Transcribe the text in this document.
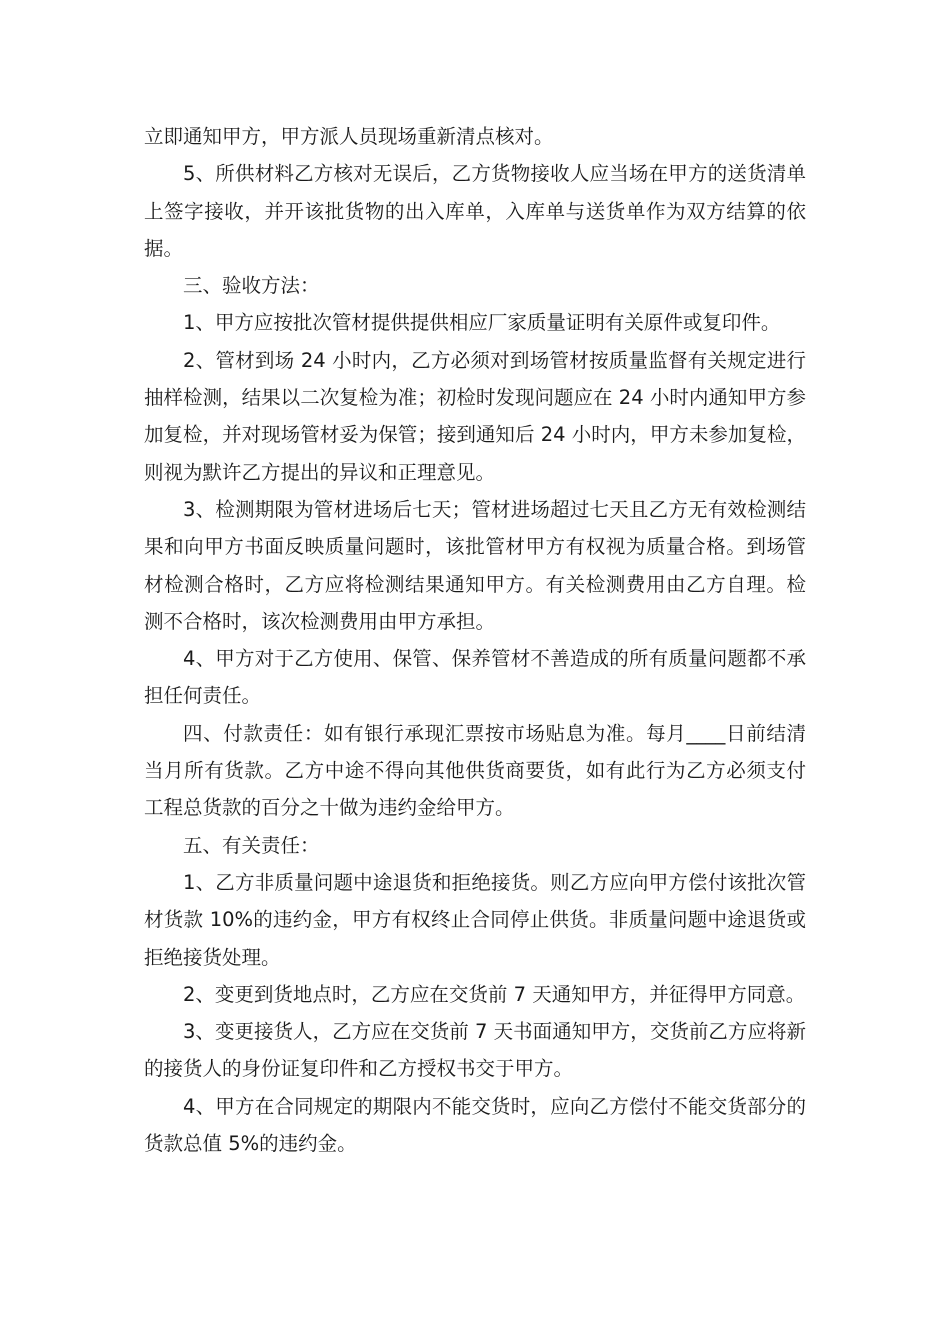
立即通知甲方，甲方派人员现场重新清点核对。

5、所供材料乙方核对无误后，乙方货物接收人应当场在甲方的送货清单上签字接收，并开该批货物的出入库单，入库单与送货单作为双方结算的依据。

三、验收方法：

1、甲方应按批次管材提供提供相应厂家质量证明有关原件或复印件。

2、管材到场 24 小时内，乙方必须对到场管材按质量监督有关规定进行抽样检测，结果以二次复检为准；初检时发现问题应在 24 小时内通知甲方参加复检，并对现场管材妥为保管；接到通知后 24 小时内，甲方未参加复检，则视为默许乙方提出的异议和正理意见。

3、检测期限为管材进场后七天；管材进场超过七天且乙方无有效检测结果和向甲方书面反映质量问题时，该批管材甲方有权视为质量合格。到场管材检测合格时，乙方应将检测结果通知甲方。有关检测费用由乙方自理。检测不合格时，该次检测费用由甲方承担。

4、甲方对于乙方使用、保管、保养管材不善造成的所有质量问题都不承担任何责任。

四、付款责任：如有银行承现汇票按市场贴息为准。每月____日前结清当月所有货款。乙方中途不得向其他供货商要货，如有此行为乙方必须支付工程总货款的百分之十做为违约金给甲方。

五、有关责任：

1、乙方非质量问题中途退货和拒绝接货。则乙方应向甲方偿付该批次管材货款 10%的违约金，甲方有权终止合同停止供货。非质量问题中途退货或拒绝接货处理。

2、变更到货地点时，乙方应在交货前 7 天通知甲方，并征得甲方同意。

3、变更接货人，乙方应在交货前 7 天书面通知甲方，交货前乙方应将新的接货人的身份证复印件和乙方授权书交于甲方。

4、甲方在合同规定的期限内不能交货时，应向乙方偿付不能交货部分的货款总值 5%的违约金。
